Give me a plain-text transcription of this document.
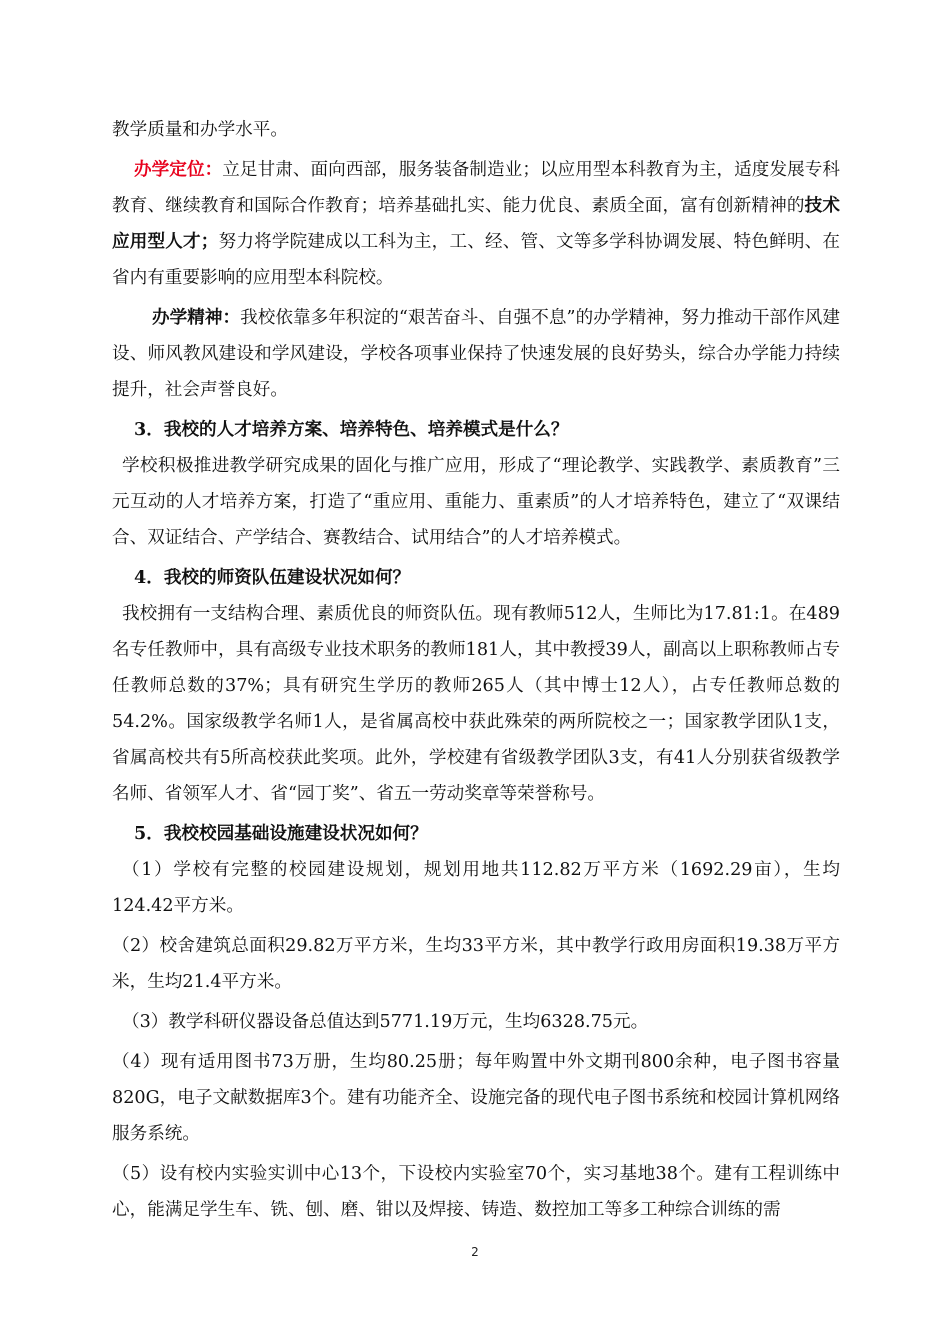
教学质量和办学水平。

办学定位：立足甘肃、面向西部，服务装备制造业；以应用型本科教育为主，适度发展专科教育、继续教育和国际合作教育；培养基础扎实、能力优良、素质全面，富有创新精神的技术应用型人才；努力将学院建成以工科为主，工、经、管、文等多学科协调发展、特色鲜明、在省内有重要影响的应用型本科院校。

办学精神：我校依靠多年积淀的“艰苦奋斗、自强不息”的办学精神，努力推动干部作风建设、师风教风建设和学风建设，学校各项事业保持了快速发展的良好势头，综合办学能力持续提升，社会声誉良好。

3．我校的人才培养方案、培养特色、培养模式是什么？

学校积极推进教学研究成果的固化与推广应用，形成了“理论教学、实践教学、素质教育”三元互动的人才培养方案，打造了“重应用、重能力、重素质”的人才培养特色，建立了“双课结合、双证结合、产学结合、赛教结合、试用结合”的人才培养模式。

4．我校的师资队伍建设状况如何？

我校拥有一支结构合理、素质优良的师资队伍。现有教师512人，生师比为17.81:1。在489名专任教师中，具有高级专业技术职务的教师181人，其中教授39人，副高以上职称教师占专任教师总数的37%；具有研究生学历的教师265人（其中博士12人），占专任教师总数的54.2%。国家级教学名师1人，是省属高校中获此殊荣的两所院校之一；国家教学团队1支，省属高校共有5所高校获此奖项。此外，学校建有省级教学团队3支，有41人分别获省级教学名师、省领军人才、省“园丁奖”、省五一劳动奖章等荣誉称号。

5．我校校园基础设施建设状况如何？

（1）学校有完整的校园建设规划，规划用地共112.82万平方米（1692.29亩），生均124.42平方米。

（2）校舍建筑总面积29.82万平方米，生均33平方米，其中教学行政用房面积19.38万平方米，生均21.4平方米。

（3）教学科研仪器设备总值达到5771.19万元，生均6328.75元。

（4）现有适用图书73万册，生均80.25册；每年购置中外文期刊800余种，电子图书容量820G，电子文献数据库3个。建有功能齐全、设施完备的现代电子图书系统和校园计算机网络服务系统。

（5）设有校内实验实训中心13个，下设校内实验室70个，实习基地38个。建有工程训练中心，能满足学生车、铣、刨、磨、钳以及焊接、铸造、数控加工等多工种综合训练的需

2
